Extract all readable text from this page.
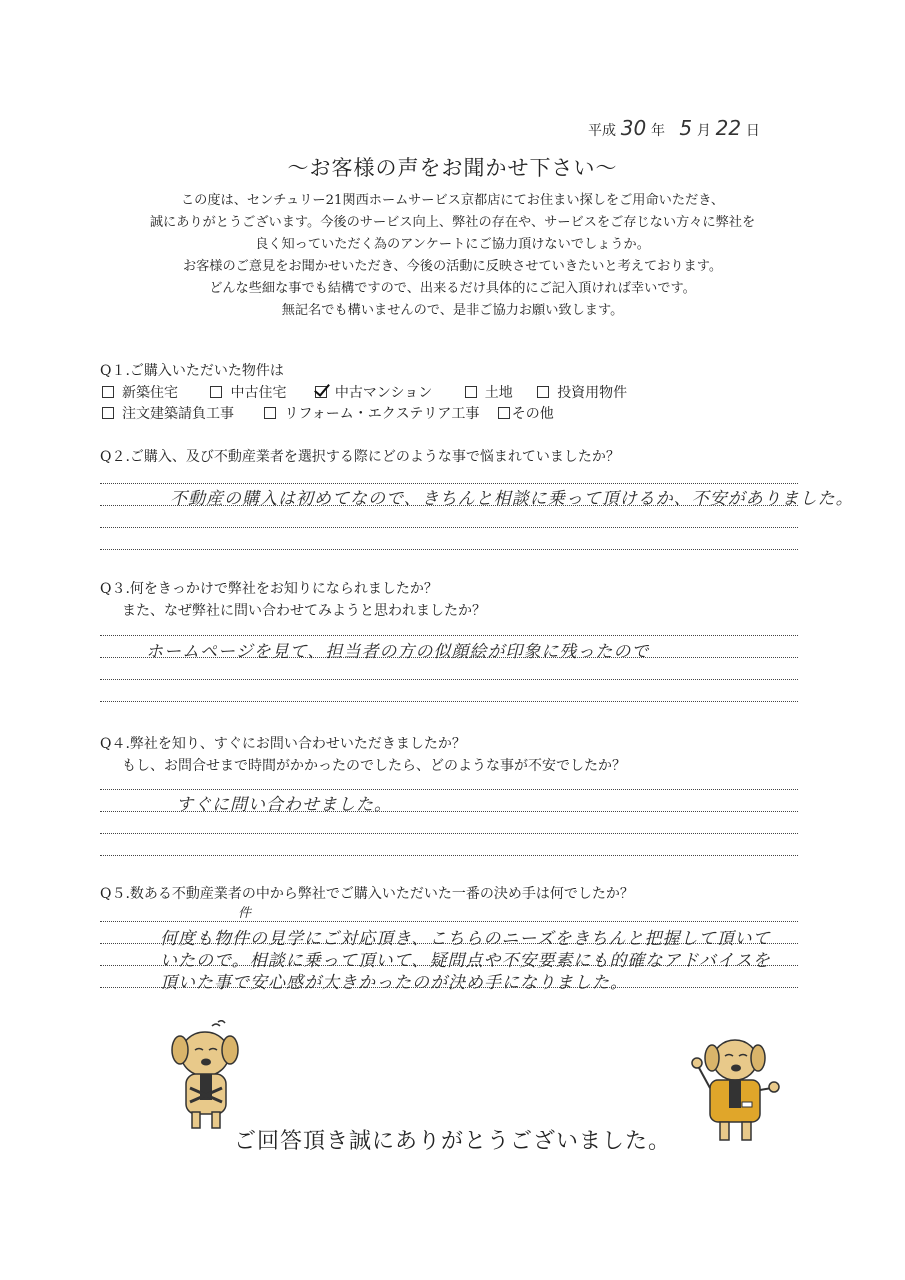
平成 30 年 5 月 22 日
〜お客様の声をお聞かせ下さい〜
この度は、センチュリー21関西ホームサービス京都店にてお住まい探しをご用命いただき、
誠にありがとうございます。今後のサービス向上、弊社の存在や、サービスをご存じない方々に弊社を
良く知っていただく為のアンケートにご協力頂けないでしょうか。
お客様のご意見をお聞かせいただき、今後の活動に反映させていきたいと考えております。
どんな些細な事でも結構ですので、出来るだけ具体的にご記入頂ければ幸いです。
無記名でも構いませんので、是非ご協力お願い致します。
Q１.ご購入いただいた物件は
新築住宅	中古住宅	中古マンション	土地	投資用物件
注文建築請負工事	リフォーム・エクステリア工事 その他
Q２.ご購入、及び不動産業者を選択する際にどのような事で悩まれていましたか？
不動産の購入は初めてなので、きちんと相談に乗って頂けるか、不安がありました。
Q３.何をきっかけで弊社をお知りになられましたか？
また、なぜ弊社に問い合わせてみようと思われましたか？
ホームページを見て、担当者の方の似顔絵が印象に残ったので
Q４.弊社を知り、すぐにお問い合わせいただきましたか？
もし、お問合せまで時間がかかったのでしたら、どのような事が不安でしたか？
すぐに問い合わせました。
Q５.数ある不動産業者の中から弊社でご購入いただいた一番の決め手は何でしたか？
件
何度も物件の見学にご対応頂き、こちらのニーズをきちんと把握して頂いて
いたので。相談に乗って頂いて、疑問点や不安要素にも的確なアドバイスを
頂いた事で安心感が大きかったのが決め手になりました。
ご回答頂き誠にありがとうございました。
